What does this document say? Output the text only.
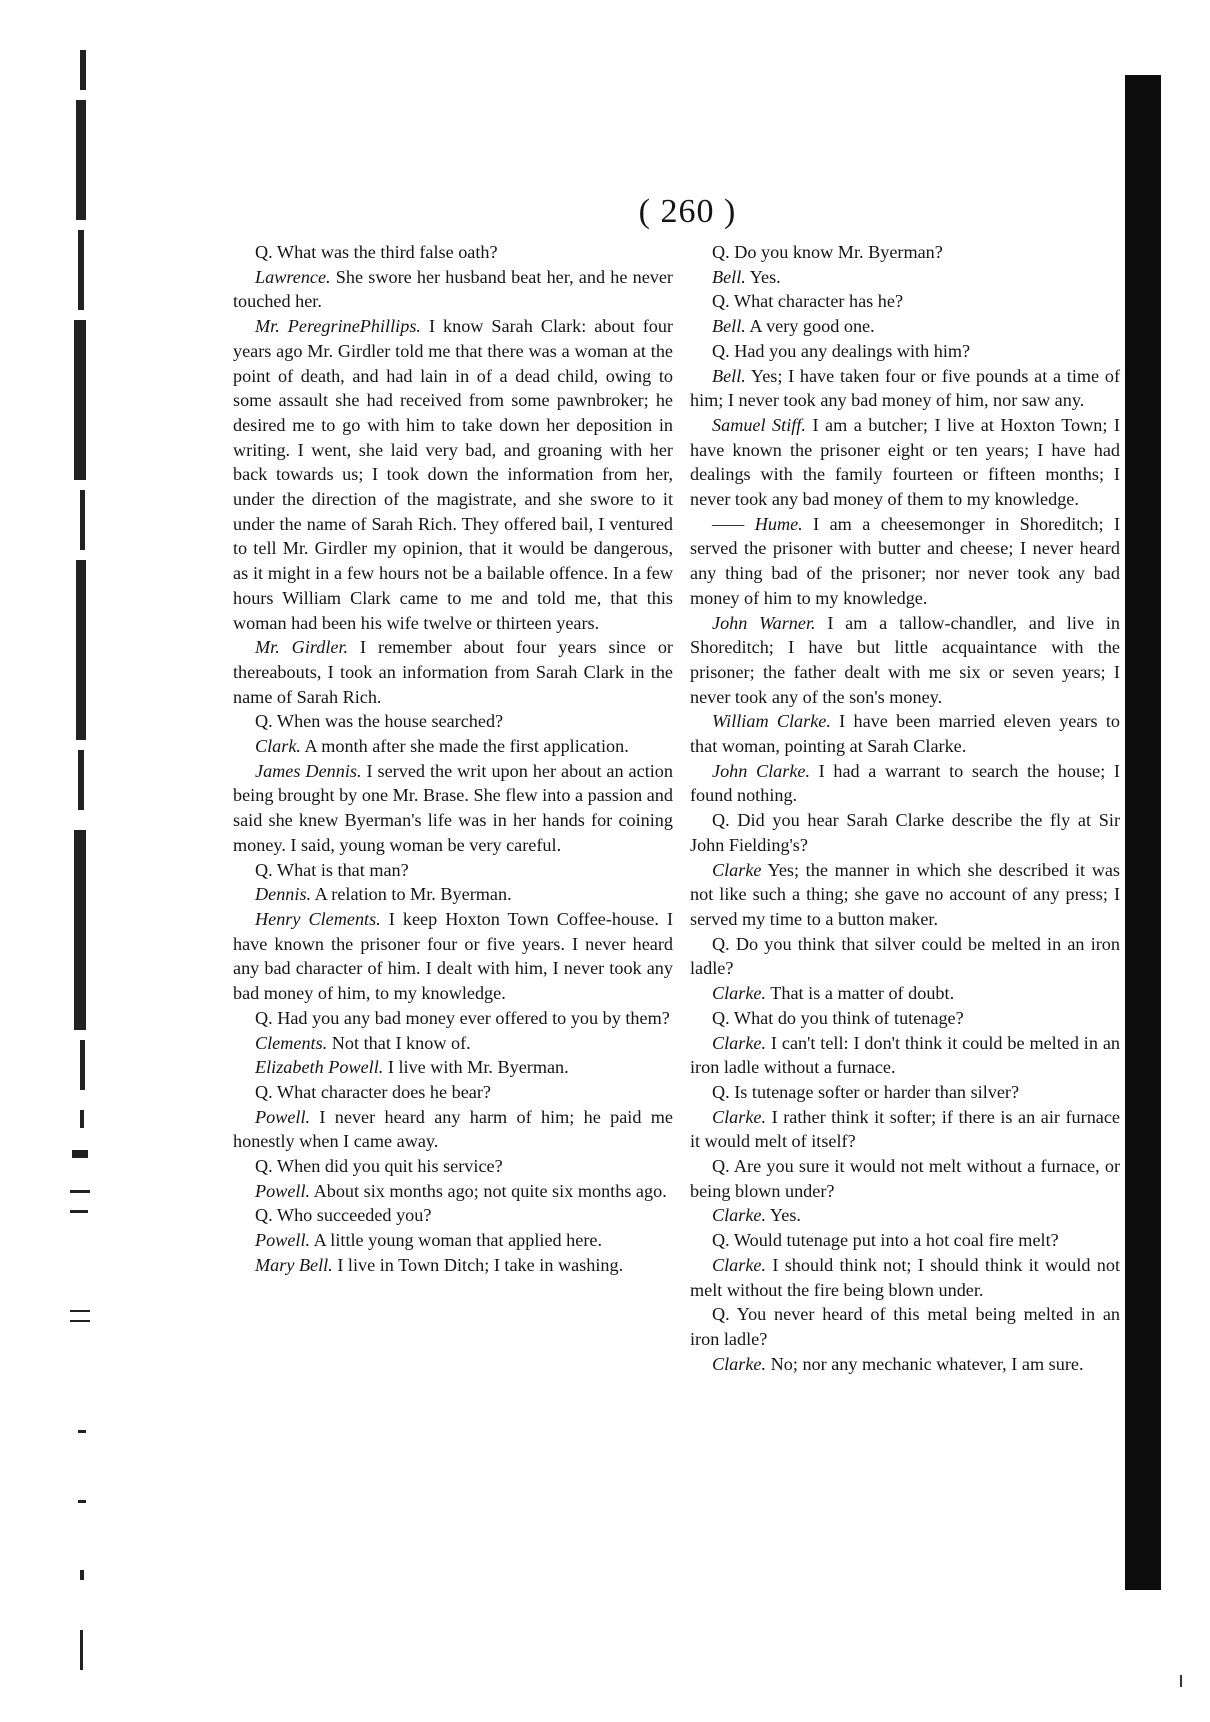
( 260 )

Q. What was the third false oath?

Lawrence. She swore her husband beat her, and he never touched her.

Mr. PeregrinePhillips. I know Sarah Clark: about four years ago Mr. Girdler told me that there was a woman at the point of death, and had lain in of a dead child, owing to some assault she had received from some pawnbroker; he desired me to go with him to take down her deposition in writing. I went, she laid very bad, and groaning with her back towards us; I took down the information from her, under the direction of the magistrate, and she swore to it under the name of Sarah Rich. They offered bail, I ventured to tell Mr. Girdler my opinion, that it would be dangerous, as it might in a few hours not be a bailable offence. In a few hours William Clark came to me and told me, that this woman had been his wife twelve or thirteen years.

Mr. Girdler. I remember about four years since or thereabouts, I took an information from Sarah Clark in the name of Sarah Rich.

Q. When was the house searched?

Clark. A month after she made the first application.

James Dennis. I served the writ upon her about an action being brought by one Mr. Brase. She flew into a passion and said she knew Byerman's life was in her hands for coining money. I said, young woman be very careful.

Q. What is that man?

Dennis. A relation to Mr. Byerman.

Henry Clements. I keep Hoxton Town Coffee-house. I have known the prisoner four or five years. I never heard any bad character of him. I dealt with him, I never took any bad money of him, to my knowledge.

Q. Had you any bad money ever offered to you by them?

Clements. Not that I know of.

Elizabeth Powell. I live with Mr. Byerman.

Q. What character does he bear?

Powell. I never heard any harm of him; he paid me honestly when I came away.

Q. When did you quit his service?

Powell. About six months ago; not quite six months ago.

Q. Who succeeded you?

Powell. A little young woman that applied here.

Mary Bell. I live in Town Ditch; I take in washing.

Q. Do you know Mr. Byerman?

Bell. Yes.

Q. What character has he?

Bell. A very good one.

Q. Had you any dealings with him?

Bell. Yes; I have taken four or five pounds at a time of him; I never took any bad money of him, nor saw any.

Samuel Stiff. I am a butcher; I live at Hoxton Town; I have known the prisoner eight or ten years; I have had dealings with the family fourteen or fifteen months; I never took any bad money of them to my knowledge.

—— Hume. I am a cheesemonger in Shoreditch; I served the prisoner with butter and cheese; I never heard any thing bad of the prisoner; nor never took any bad money of him to my knowledge.

John Warner. I am a tallow-chandler, and live in Shoreditch; I have but little acquaintance with the prisoner; the father dealt with me six or seven years; I never took any of the son's money.

William Clarke. I have been married eleven years to that woman, pointing at Sarah Clarke.

John Clarke. I had a warrant to search the house; I found nothing.

Q. Did you hear Sarah Clarke describe the fly at Sir John Fielding's?

Clarke Yes; the manner in which she described it was not like such a thing; she gave no account of any press; I served my time to a button maker.

Q. Do you think that silver could be melted in an iron ladle?

Clarke. That is a matter of doubt.

Q. What do you think of tutenage?

Clarke. I can't tell: I don't think it could be melted in an iron ladle without a furnace.

Q. Is tutenage softer or harder than silver?

Clarke. I rather think it softer; if there is an air furnace it would melt of itself?

Q. Are you sure it would not melt without a furnace, or being blown under?

Clarke. Yes.

Q. Would tutenage put into a hot coal fire melt?

Clarke. I should think not; I should think it would not melt without the fire being blown under.

Q. You never heard of this metal being melted in an iron ladle?

Clarke. No; nor any mechanic whatever, I am sure.
